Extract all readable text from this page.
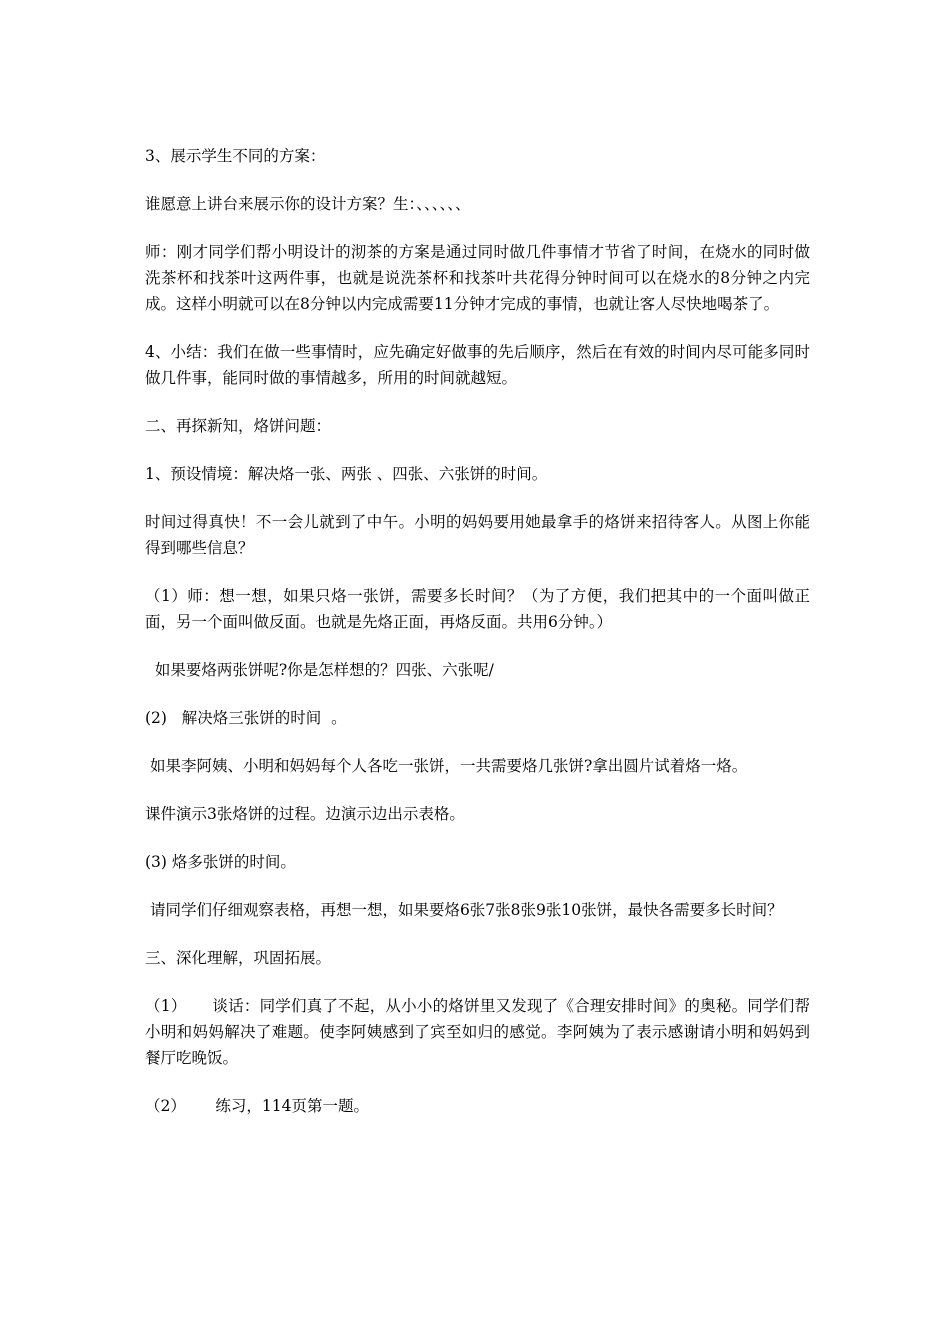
3、展示学生不同的方案：

谁愿意上讲台来展示你的设计方案？生：、、、、、、

师：刚才同学们帮小明设计的沏茶的方案是通过同时做几件事情才节省了时间，在烧水的同时做洗茶杯和找茶叶这两件事，也就是说洗茶杯和找茶叶共花得分钟时间可以在烧水的8分钟之内完成。这样小明就可以在8分钟以内完成需要11分钟才完成的事情，也就让客人尽快地喝茶了。

4、小结：我们在做一些事情时，应先确定好做事的先后顺序，然后在有效的时间内尽可能多同时做几件事，能同时做的事情越多，所用的时间就越短。

二、再探新知，烙饼问题：

1、预设情境：解决烙一张、两张 、四张、六张饼的时间。

时间过得真快！不一会儿就到了中午。小明的妈妈要用她最拿手的烙饼来招待客人。从图上你能得到哪些信息？

（1）师：想一想，如果只烙一张饼，需要多长时间？（为了方便，我们把其中的一个面叫做正面，另一个面叫做反面。也就是先烙正面，再烙反面。共用6分钟。）

如果要烙两张饼呢?你是怎样想的？四张、六张呢/

(2)   解决烙三张饼的时间  。

如果李阿姨、小明和妈妈每个人各吃一张饼，一共需要烙几张饼?拿出圆片试着烙一烙。

课件演示3张烙饼的过程。边演示边出示表格。

(3) 烙多张饼的时间。

请同学们仔细观察表格，再想一想，如果要烙6张7张8张9张10张饼，最快各需要多长时间？

三、深化理解，巩固拓展。

（1）     谈话：同学们真了不起，从小小的烙饼里又发现了《合理安排时间》的奥秘。同学们帮小明和妈妈解决了难题。使李阿姨感到了宾至如归的感觉。李阿姨为了表示感谢请小明和妈妈到餐厅吃晚饭。

（2）      练习，114页第一题。
